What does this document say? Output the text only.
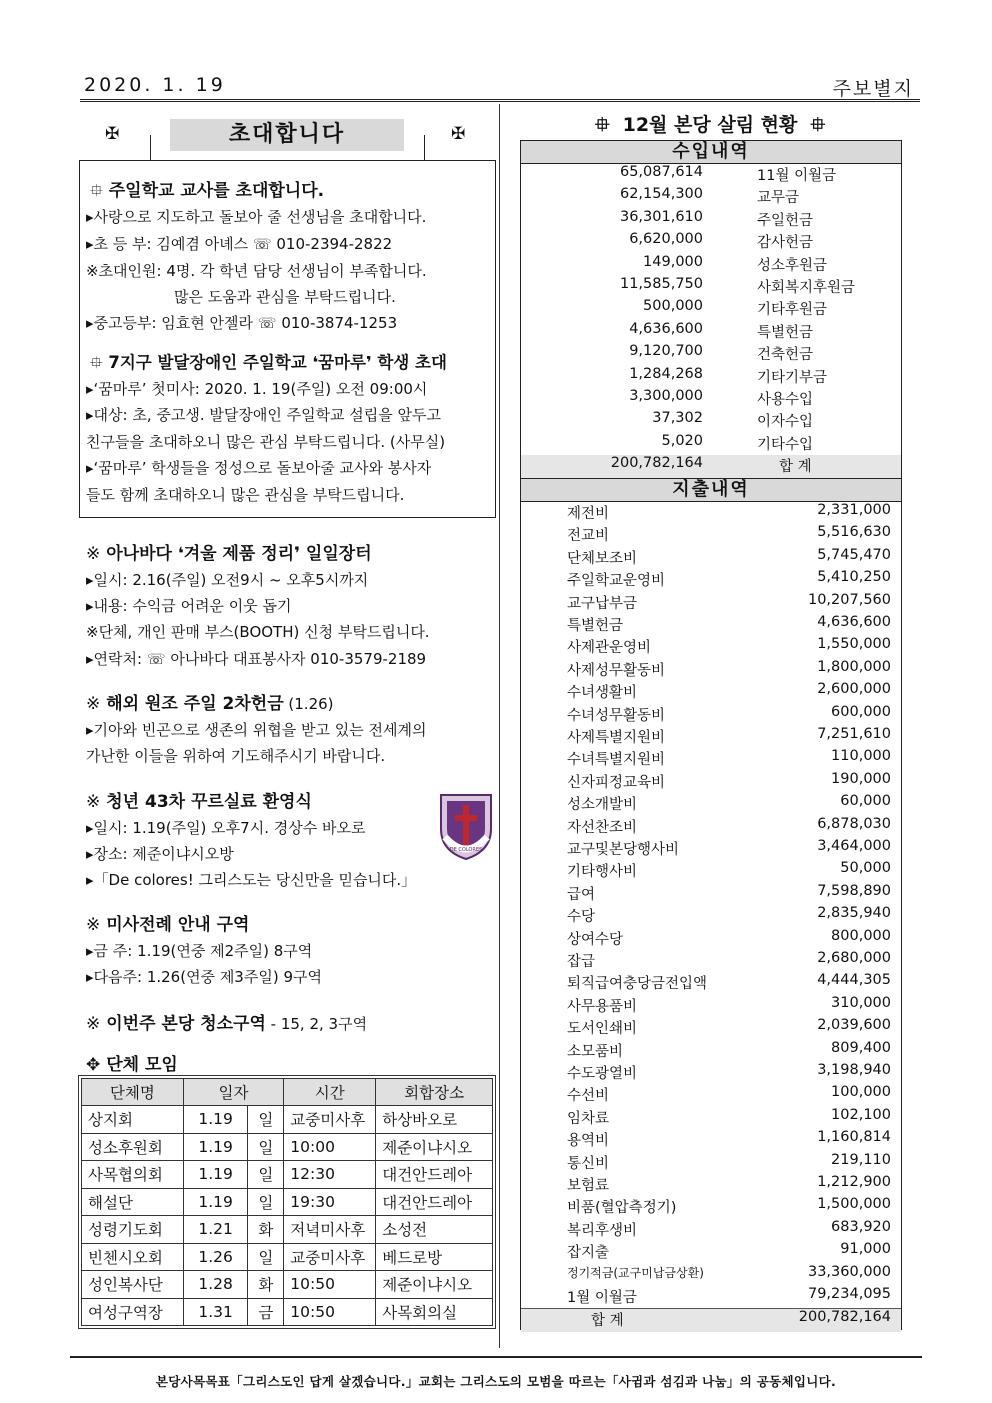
2020. 1. 19	주보별지
✠	✠
초대합니다
⯐ 주일학교 교사를 초대합니다.
▸사랑으로 지도하고 돌보아 줄 선생님을 초대합니다.
▸초 등 부: 김예겸 아녜스 ☏ 010-2394-2822
※초대인원: 4명. 각 학년 담당 선생님이 부족합니다.
많은 도움과 관심을 부탁드립니다.
▸중고등부: 임효현 안젤라 ☏ 010-3874-1253
⯐ 7지구 발달장애인 주일학교 ❛꿈마루❜ 학생 초대
▸‘꿈마루’ 첫미사: 2020. 1. 19(주일) 오전 09:00시
▸대상: 초, 중고생. 발달장애인 주일학교 설립을 앞두고
친구들을 초대하오니 많은 관심 부탁드립니다. (사무실)
▸‘꿈마루’ 학생들을 정성으로 돌보아줄 교사와 봉사자
들도 함께 초대하오니 많은 관심을 부탁드립니다.
※ 아나바다 ❛겨울 제품 정리❜ 일일장터
▸일시: 2.16(주일) 오전9시 ~ 오후5시까지
▸내용: 수익금 어려운 이웃 돕기
※단체, 개인 판매 부스(BOOTH) 신청 부탁드립니다.
▸연락처: ☏ 아나바다 대표봉사자 010-3579-2189
※ 해외 원조 주일 2차헌금 (1.26)
▸기아와 빈곤으로 생존의 위협을 받고 있는 전세계의
가난한 이들을 위하여 기도해주시기 바랍니다.
※ 청년 43차 꾸르실료 환영식
▸일시: 1.19(주일) 오후7시. 경상수 바오로
▸장소: 제준이냐시오방
▸「De colores! 그리스도는 당신만을 믿습니다.」
DE COLORES
※ 미사전례 안내 구역
▸금 주: 1.19(연중 제2주일) 8구역
▸다음주: 1.26(연중 제3주일) 9구역
※ 이번주 본당 청소구역 - 15, 2, 3구역
✥ 단체 모임
단체명	일자		시간	회합장소
상지회	1.19	일	교중미사후	하상바오로
성소후원회	1.19	일	10:00	제준이냐시오
사목협의회	1.19	일	12:30	대건안드레아
해설단	1.19	일	19:30	대건안드레아
성령기도회	1.21	화	저녁미사후	소성전
빈첸시오회	1.26	일	교중미사후	베드로방
성인복사단	1.28	화	10:50	제준이냐시오
여성구역장	1.31	금	10:50	사목회의실
⯐ 12월 본당 살림 현황 ⯐
수입내역
65,087,614	11월 이월금
62,154,300	교무금
36,301,610	주일헌금
6,620,000	감사헌금
149,000	성소후원금
11,585,750	사회복지후원금
500,000	기타후원금
4,636,600	특별헌금
9,120,700	건축헌금
1,284,268	기타기부금
3,300,000	사용수입
37,302	이자수입
5,020	기타수입
200,782,164	합 계
지출내역
제전비	2,331,000
전교비	5,516,630
단체보조비	5,745,470
주일학교운영비	5,410,250
교구납부금	10,207,560
특별헌금	4,636,600
사제관운영비	1,550,000
사제성무활동비	1,800,000
수녀생활비	2,600,000
수녀성무활동비	600,000
사제특별지원비	7,251,610
수녀특별지원비	110,000
신자피정교육비	190,000
성소개발비	60,000
자선찬조비	6,878,030
교구및본당행사비	3,464,000
기타행사비	50,000
급여	7,598,890
수당	2,835,940
상여수당	800,000
잡급	2,680,000
퇴직급여충당금전입액	4,444,305
사무용품비	310,000
도서인쇄비	2,039,600
소모품비	809,400
수도광열비	3,198,940
수선비	100,000
임차료	102,100
용역비	1,160,814
통신비	219,110
보험료	1,212,900
비품(혈압측정기)	1,500,000
복리후생비	683,920
잡지출	91,000
정기적금(교구미납금상환)	33,360,000
1월 이월금	79,234,095
합 계	200,782,164
본당사목목표「그리스도인 답게 살겠습니다.」교회는 그리스도의 모범을 따르는「사귐과 섬김과 나눔」의 공동체입니다.
